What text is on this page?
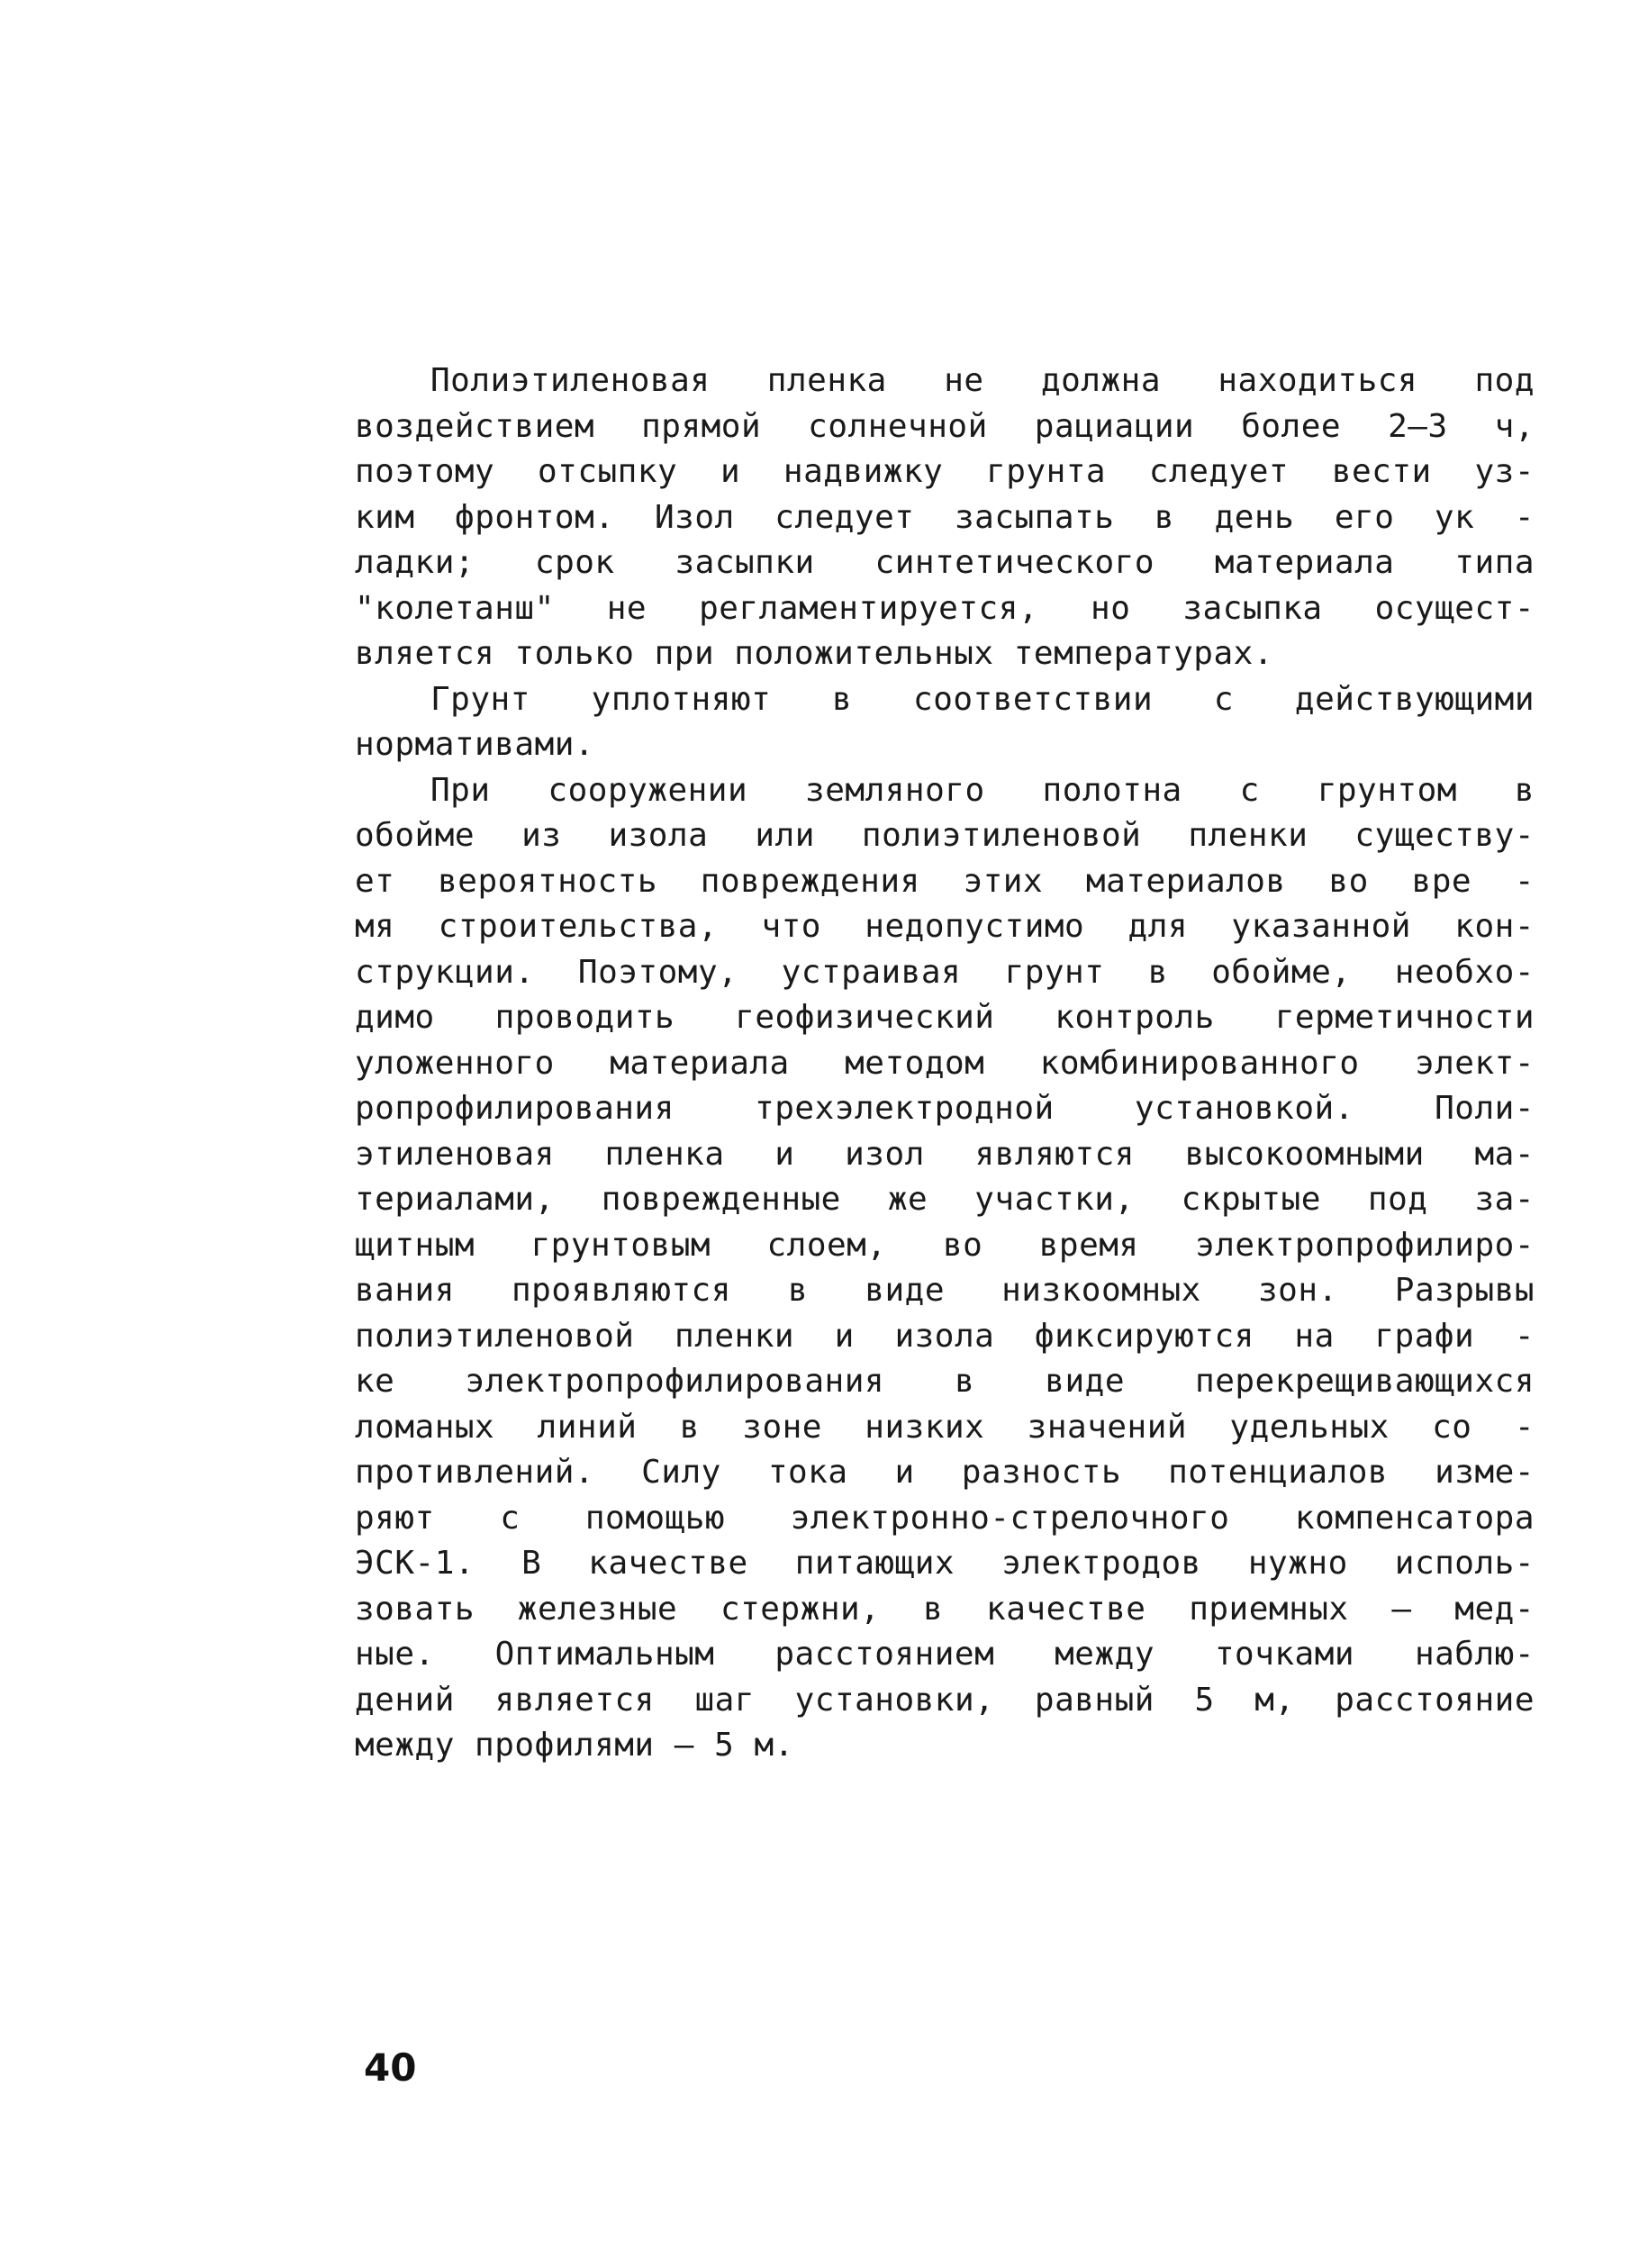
Полиэтиленовая пленка не должна находиться под
воздействием прямой солнечной рациации более 2–3 ч,
поэтому отсыпку и надвижку грунта следует вести уз-
ким фронтом. Изол следует засыпать в день его ук -
ладки; срок засыпки синтетического материала типа
"колетанш" не регламентируется, но засыпка осущест-
вляется только при положительных температурах.
Грунт уплотняют в соответствии с действующими
нормативами.
При сооружении земляного полотна с грунтом в
обойме из изола или полиэтиленовой пленки существу-
ет вероятность повреждения этих материалов во вре -
мя строительства, что недопустимо для указанной кон-
струкции. Поэтому, устраивая грунт в обойме, необхо-
димо проводить геофизический контроль герметичности
уложенного материала методом комбинированного элект-
ропрофилирования трехэлектродной установкой. Поли-
этиленовая пленка и изол являются высокоомными ма-
териалами, поврежденные же участки, скрытые под за-
щитным грунтовым слоем, во время электропрофилиро-
вания проявляются в виде низкоомных зон. Разрывы
полиэтиленовой пленки и изола фиксируются на графи -
ке электропрофилирования в виде перекрещивающихся
ломаных линий в зоне низких значений удельных со -
противлений. Силу тока и разность потенциалов изме-
ряют с помощью электронно-стрелочного компенсатора
ЭСК-1. В качестве питающих электродов нужно исполь-
зовать железные стержни, в качестве приемных – мед-
ные. Оптимальным расстоянием между точками наблю-
дений является шаг установки, равный 5 м, расстояние
между профилями – 5 м.
40
